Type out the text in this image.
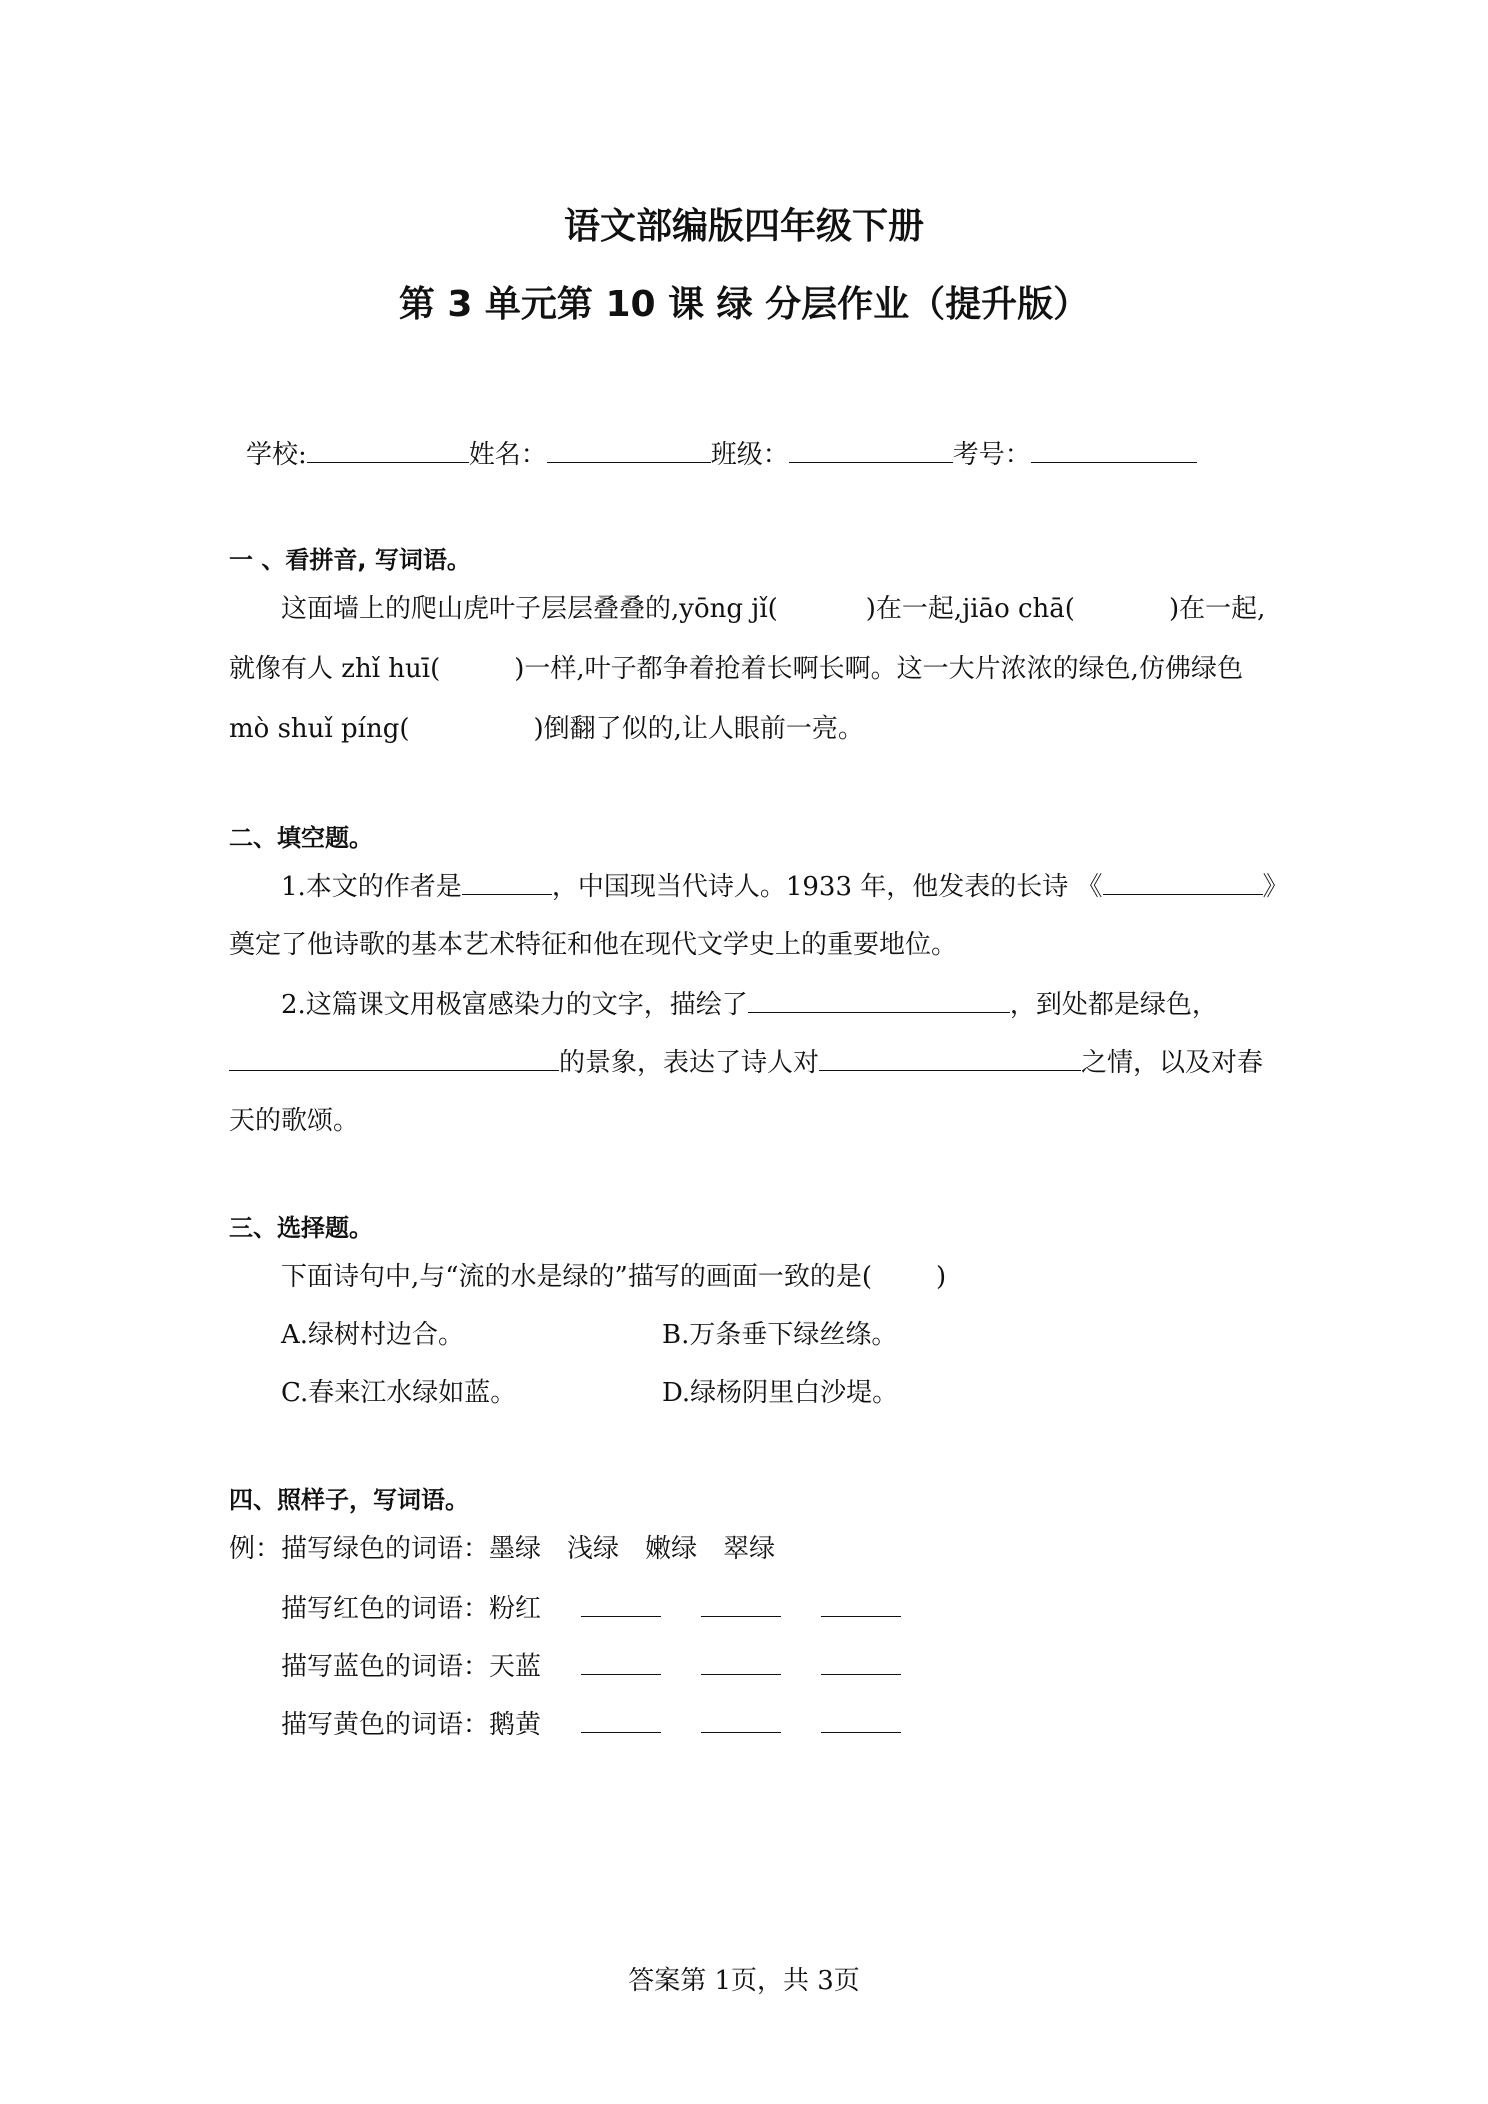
语文部编版四年级下册
第 3 单元第 10 课 绿 分层作业（提升版）
学校:	姓名：	班级：	考号：
一 、看拼音, 写词语。
这面墙上的爬山虎叶子层层叠叠的,yōng jǐ(	)在一起,jiāo chā(	)在一起,
就像有人 zhǐ huī(	)一样,叶子都争着抢着长啊长啊。这一大片浓浓的绿色,仿佛绿色
mò shuǐ píng(	)倒翻了似的,让人眼前一亮。
二、填空题。
1.本文的作者是	，中国现当代诗人。1933 年，他发表的长诗 《	》
奠定了他诗歌的基本艺术特征和他在现代文学史上的重要地位。
2.这篇课文用极富感染力的文字，描绘了	，到处都是绿色，
的景象，表达了诗人对	之情，以及对春
天的歌颂。
三、选择题。
下面诗句中,与“流的水是绿的”描写的画面一致的是( )
A.绿树村边合。	B.万条垂下绿丝绦。
C.春来江水绿如蓝。	D.绿杨阴里白沙堤。
四、照样子，写词语。
例：描写绿色的词语：墨绿 浅绿 嫩绿 翠绿
描写红色的词语：粉红
描写蓝色的词语：天蓝
描写黄色的词语：鹅黄
答案第 1页，共 3页
